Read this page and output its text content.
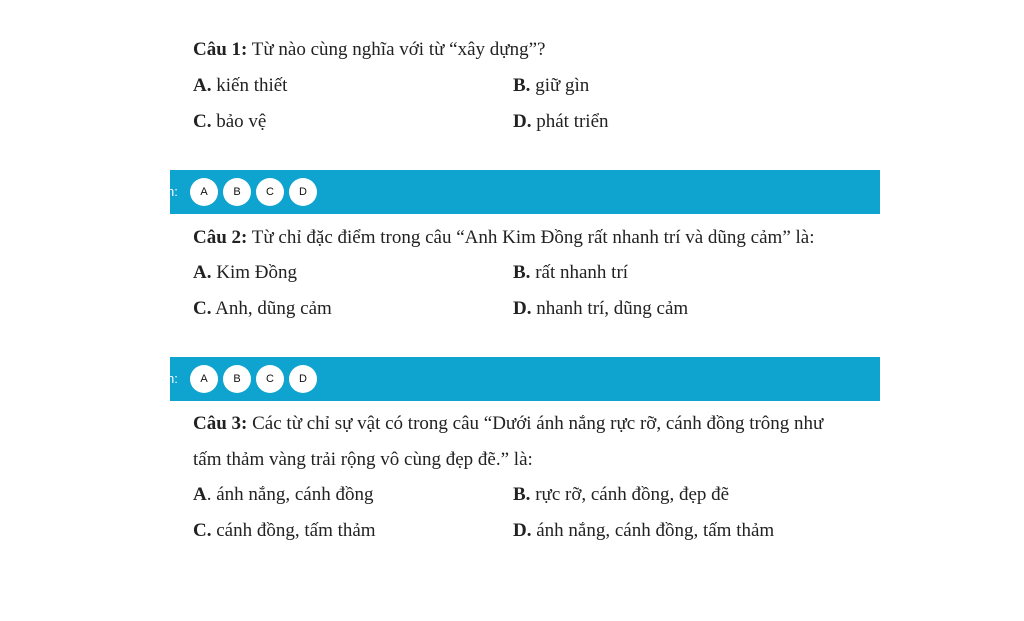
Câu 1: Từ nào cùng nghĩa với từ “xây dựng”?
A. kiến thiết	B. giữ gìn
C. bảo vệ	D. phát triển
n:	A	B	C	D
Câu 2: Từ chỉ đặc điểm trong câu “Anh Kim Đồng rất nhanh trí và dũng cảm” là:
A. Kim Đồng	B. rất nhanh trí
C. Anh, dũng cảm	D. nhanh trí, dũng cảm
n:	A	B	C	D
Câu 3: Các từ chỉ sự vật có trong câu “Dưới ánh nắng rực rỡ, cánh đồng trông như
tấm thảm vàng trải rộng vô cùng đẹp đẽ.” là:
A. ánh nắng, cánh đồng	B. rực rỡ, cánh đồng, đẹp đẽ
C. cánh đồng, tấm thảm	D. ánh nắng, cánh đồng, tấm thảm
